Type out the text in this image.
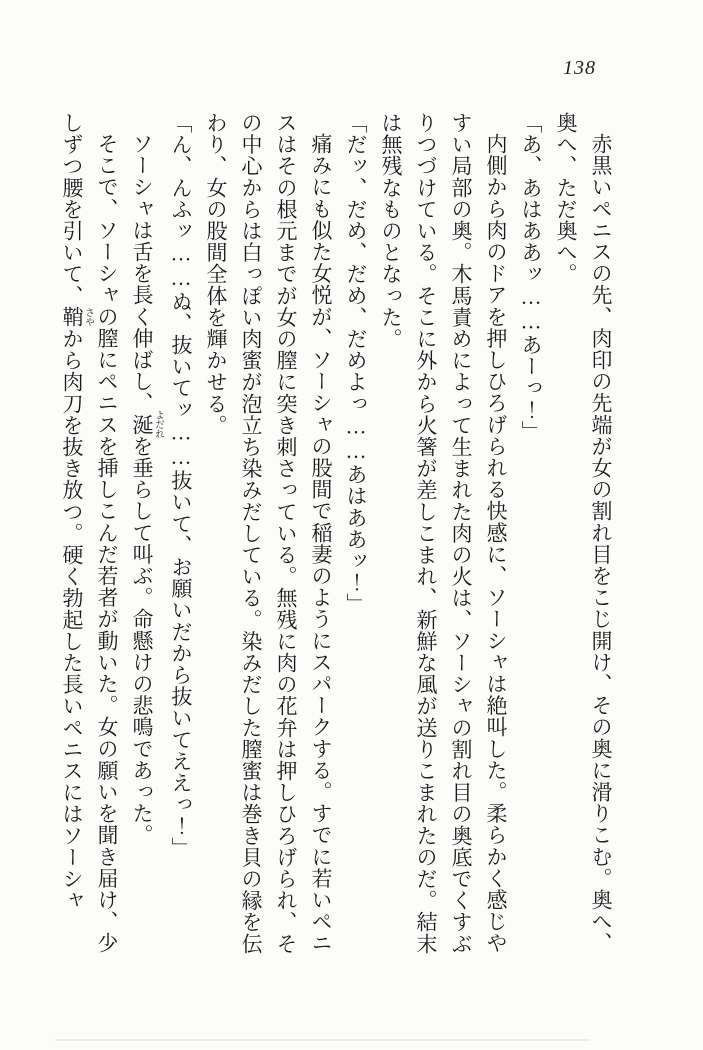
138

赤黒いペニスの先、肉印の先端が女の割れ目をこじ開け、その奥に滑りこむ。奥へ、奥へ、ただ奥へ。

「あ、あはああッ……あーっ！」

内側から肉のドアを押しひろげられる快感に、ソーシャは絶叫した。柔らかく感じやすい局部の奥。木馬責めによって生まれた肉の火は、ソーシャの割れ目の奥底でくすぶりつづけている。そこに外から火箸が差しこまれ、新鮮な風が送りこまれたのだ。結末は無残なものとなった。

「だッ、だめ、だめ、だめよっ……あはああッ！」

痛みにも似た女悦が、ソーシャの股間で稲妻のようにスパークする。すでに若いペニスはその根元までが女の膣に突き刺さっている。無残に肉の花弁は押しひろげられ、その中心からは白っぽい肉蜜が泡立ち染みだしている。染みだした膣蜜は巻き貝の縁を伝わり、女の股間全体を輝かせる。

「ん、んふッ……ぬ、抜いてッ……抜いて、お願いだから抜いてええっ！」

ソーシャは舌を長く伸ばし、涎 よだれを垂らして叫ぶ。命懸けの悲鳴であった。

そこで、ソーシャの膣にペニスを挿しこんだ若者が動いた。女の願いを聞き届け、少しずつ腰を引いて、鞘 さやから肉刀を抜き放つ。硬く勃起した長いペニスにはソーシャ
